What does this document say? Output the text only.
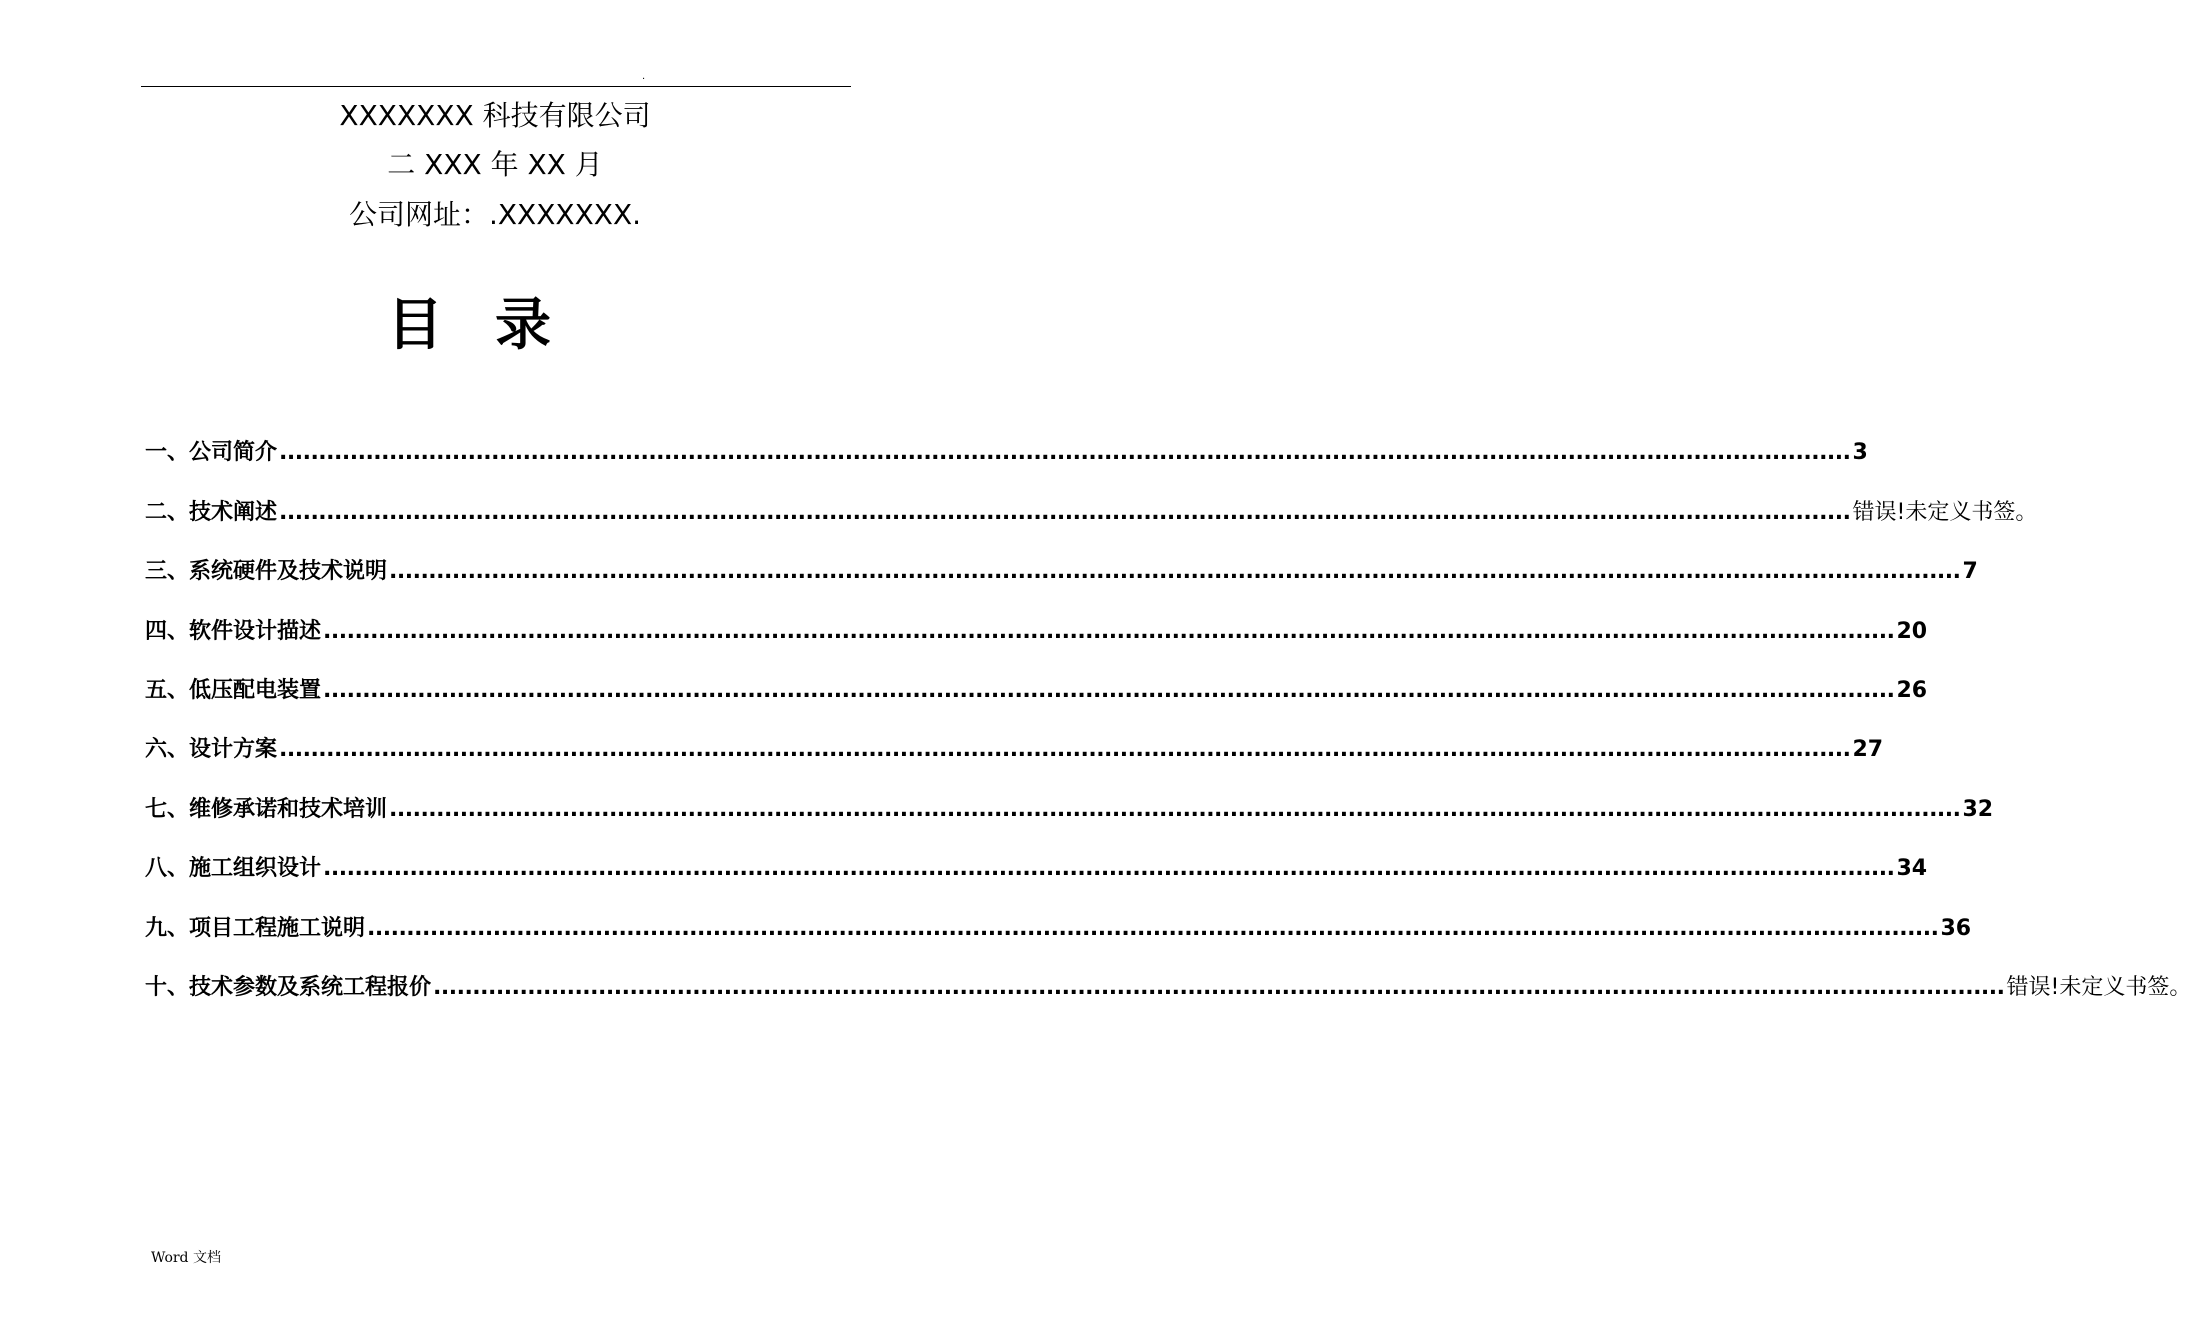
.
XXXXXXX 科技有限公司
二 XXX 年 XX 月
公司网址：.XXXXXXX.
目录
一、公司简介 ........................................................................................................................................................................................................ 3
二、技术阐述 ........................................................................................................................................................................................................ 错误!未定义书签。
三、系统硬件及技术说明 ........................................................................................................................................................................................................ 7
四、软件设计描述 ........................................................................................................................................................................................................ 20
五、低压配电装置 ........................................................................................................................................................................................................ 26
六、设计方案 ........................................................................................................................................................................................................ 27
七、维修承诺和技术培训 ........................................................................................................................................................................................................ 32
八、施工组织设计 ........................................................................................................................................................................................................ 34
九、项目工程施工说明 ........................................................................................................................................................................................................ 36
十、技术参数及系统工程报价 ........................................................................................................................................................................................................ 错误!未定义书签。
Word 文档
